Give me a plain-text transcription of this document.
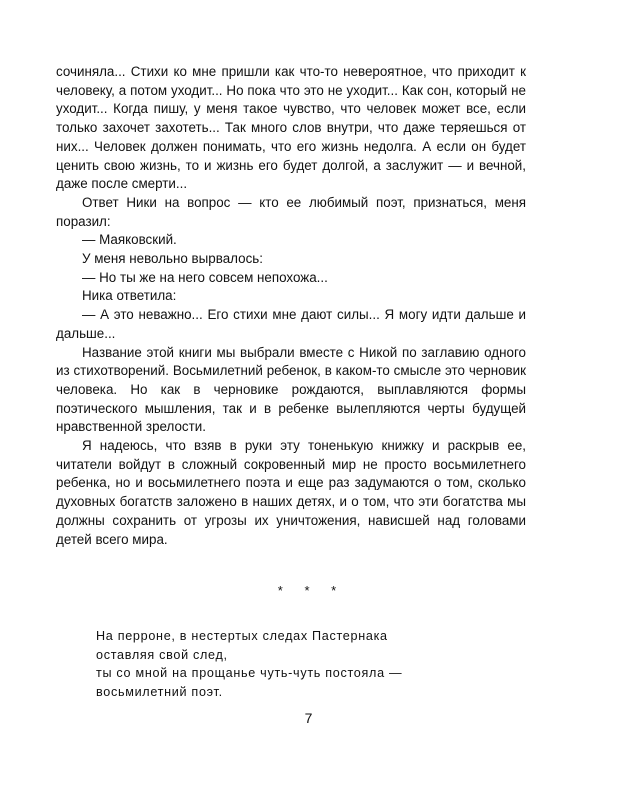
сочиняла... Стихи ко мне пришли как что-то невероятное, что приходит к человеку, а потом уходит... Но пока что это не уходит... Как сон, который не уходит... Когда пишу, у меня такое чувство, что человек может все, если только захочет захотеть... Так много слов внутри, что даже теряешься от них... Человек должен понимать, что его жизнь недолга. А если он будет ценить свою жизнь, то и жизнь его будет долгой, а заслужит — и вечной, даже после смерти...

Ответ Ники на вопрос — кто ее любимый поэт, признаться, меня поразил:

— Маяковский.

У меня невольно вырвалось:

— Но ты же на него совсем непохожа...

Ника ответила:

— А это неважно... Его стихи мне дают силы... Я могу идти дальше и дальше...

Название этой книги мы выбрали вместе с Никой по заглавию одного из стихотворений. Восьмилетний ребенок, в каком-то смысле это черновик человека. Но как в черновике рождаются, выплавляются формы поэтического мышления, так и в ребенке вылепляются черты будущей нравственной зрелости.

Я надеюсь, что взяв в руки эту тоненькую книжку и раскрыв ее, читатели войдут в сложный сокровенный мир не просто восьмилетнего ребенка, но и восьмилетнего поэта и еще раз задумаются о том, сколько духовных богатств заложено в наших детях, и о том, что эти богатства мы должны сохранить от угрозы их уничтожения, нависшей над головами детей всего мира.

* * *
На перроне, в нестертых следах Пастернака
оставляя свой след,
ты со мной на прощанье чуть-чуть постояла —
восьмилетний поэт.
7
